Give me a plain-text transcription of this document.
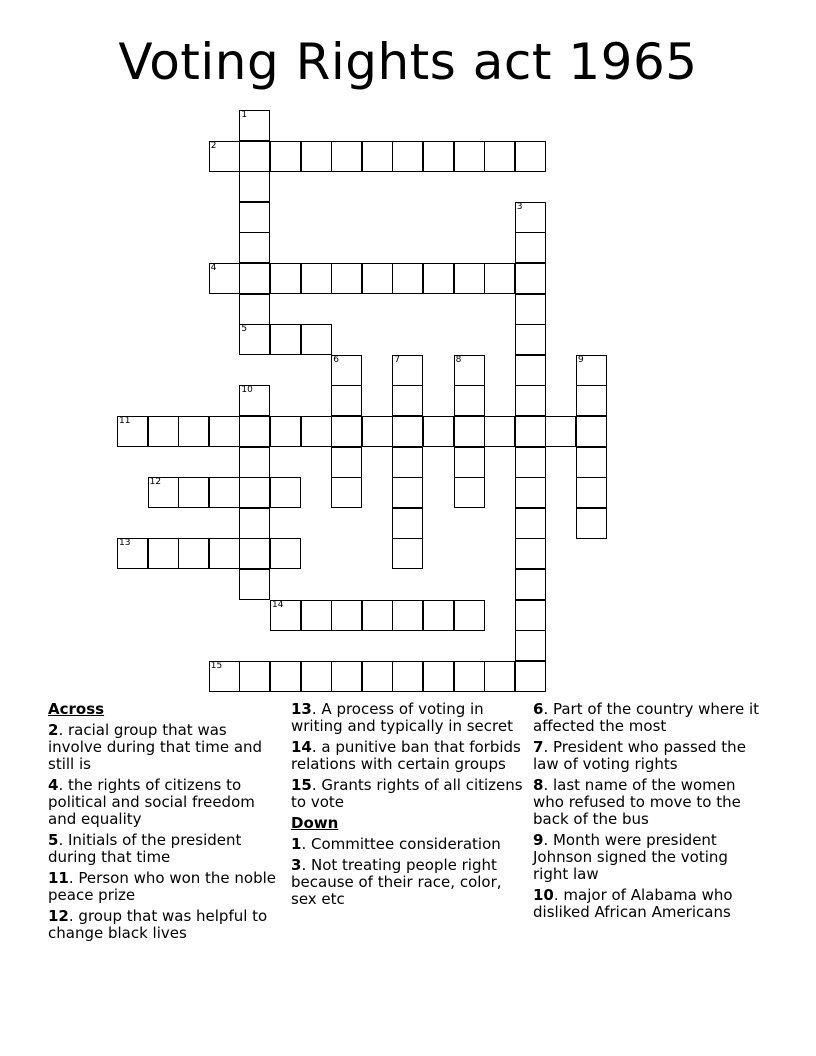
Voting Rights act 1965
1
2
3
4
5
6	7	8	9
10
11
12
13
14
15
Across
2. racial group that was involve during that time and still is
4. the rights of citizens to political and social freedom and equality
5. Initials of the president during that time
11. Person who won the noble peace prize
12. group that was helpful to change black lives
13. A process of voting in writing and typically in secret
14. a punitive ban that forbids relations with certain groups
15. Grants rights of all citizens to vote
Down
1. Committee consideration
3. Not treating people right because of their race, color, sex etc
6. Part of the country where it affected the most
7. President who passed the law of voting rights
8. last name of the women who refused to move to the back of the bus
9. Month were president Johnson signed the voting right law
10. major of Alabama who disliked African Americans
